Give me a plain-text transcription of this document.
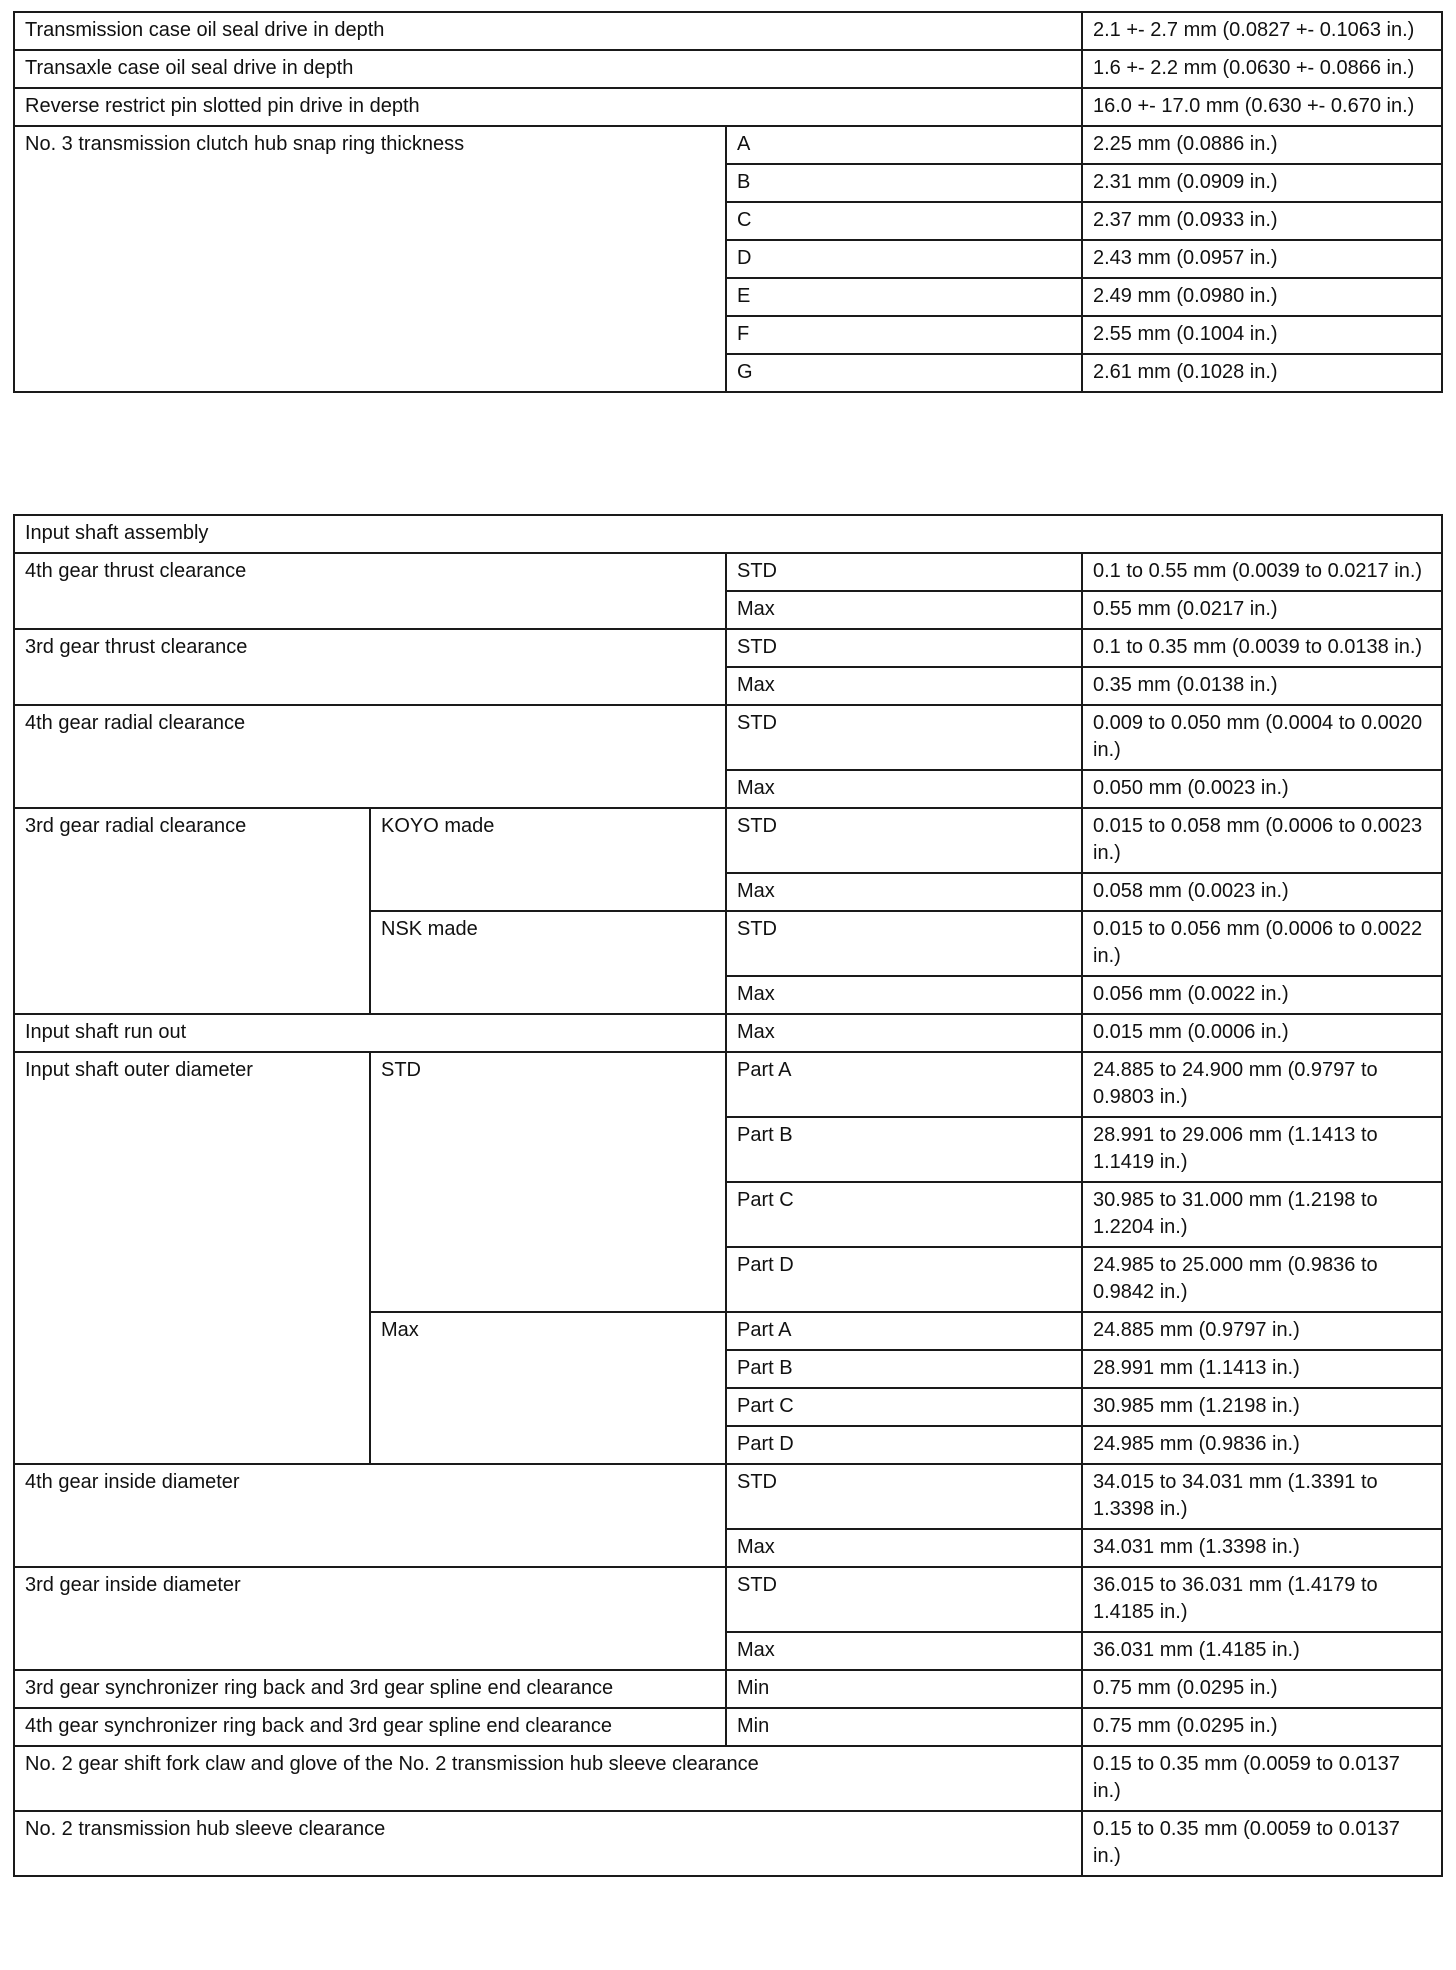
Transmission case oil seal drive in depth		2.1 +- 2.7 mm (0.0827 +- 0.1063 in.)
Transaxle case oil seal drive in depth		1.6 +- 2.2 mm (0.0630 +- 0.0866 in.)
Reverse restrict pin slotted pin drive in depth		16.0 +- 17.0 mm (0.630 +- 0.670 in.)
No. 3 transmission clutch hub snap ring thickness	A	2.25 mm (0.0886 in.)
	B	2.31 mm (0.0909 in.)
	C	2.37 mm (0.0933 in.)
	D	2.43 mm (0.0957 in.)
	E	2.49 mm (0.0980 in.)
	F	2.55 mm (0.1004 in.)
	G	2.61 mm (0.1028 in.)
Input shaft assembly			
4th gear thrust clearance		STD	0.1 to 0.55 mm (0.0039 to 0.0217 in.)
		Max	0.55 mm (0.0217 in.)
3rd gear thrust clearance		STD	0.1 to 0.35 mm (0.0039 to 0.0138 in.)
		Max	0.35 mm (0.0138 in.)
4th gear radial clearance		STD	0.009 to 0.050 mm (0.0004 to 0.0020 in.)
		Max	0.050 mm (0.0023 in.)
3rd gear radial clearance	KOYO made	STD	0.015 to 0.058 mm (0.0006 to 0.0023 in.)
		Max	0.058 mm (0.0023 in.)
	NSK made	STD	0.015 to 0.056 mm (0.0006 to 0.0022 in.)
		Max	0.056 mm (0.0022 in.)
Input shaft run out		Max	0.015 mm (0.0006 in.)
Input shaft outer diameter	STD	Part A	24.885 to 24.900 mm (0.9797 to 0.9803 in.)
		Part B	28.991 to 29.006 mm (1.1413 to 1.1419 in.)
		Part C	30.985 to 31.000 mm (1.2198 to 1.2204 in.)
		Part D	24.985 to 25.000 mm (0.9836 to 0.9842 in.)
	Max	Part A	24.885 mm (0.9797 in.)
		Part B	28.991 mm (1.1413 in.)
		Part C	30.985 mm (1.2198 in.)
		Part D	24.985 mm (0.9836 in.)
4th gear inside diameter		STD	34.015 to 34.031 mm (1.3391 to 1.3398 in.)
		Max	34.031 mm (1.3398 in.)
3rd gear inside diameter		STD	36.015 to 36.031 mm (1.4179 to 1.4185 in.)
		Max	36.031 mm (1.4185 in.)
3rd gear synchronizer ring back and 3rd gear spline end clearance		Min	0.75 mm (0.0295 in.)
4th gear synchronizer ring back and 3rd gear spline end clearance		Min	0.75 mm (0.0295 in.)
No. 2 gear shift fork claw and glove of the No. 2 transmission hub sleeve clearance			0.15 to 0.35 mm (0.0059 to 0.0137 in.)
No. 2 transmission hub sleeve clearance			0.15 to 0.35 mm (0.0059 to 0.0137 in.)
